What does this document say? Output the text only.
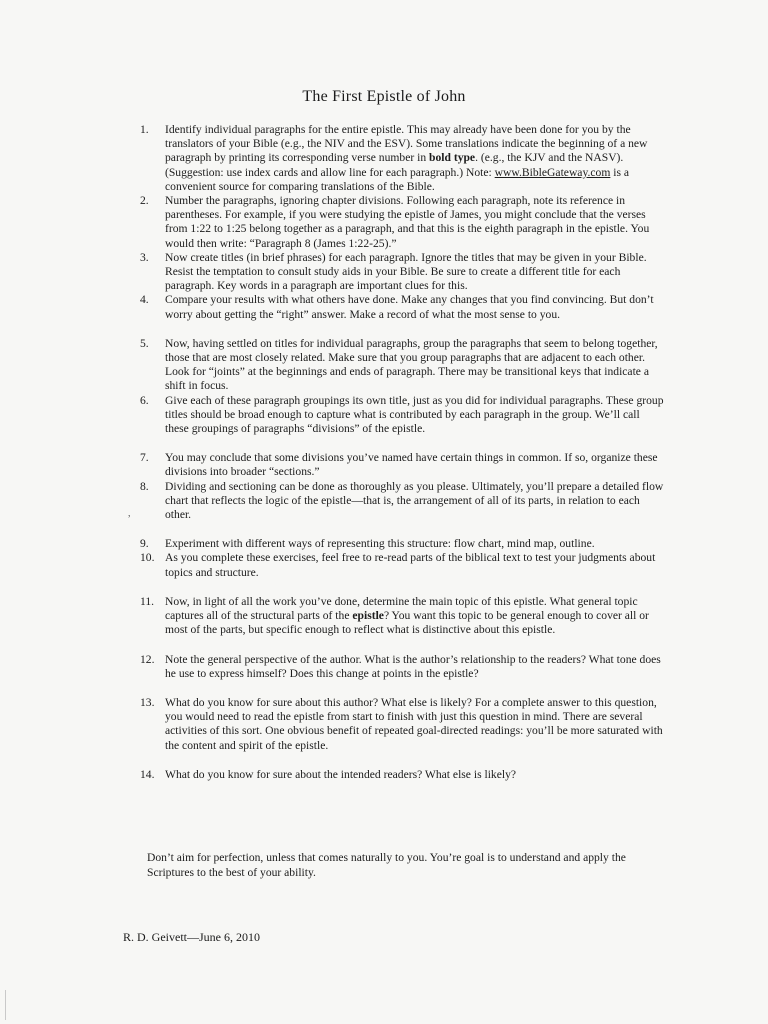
,
The First Epistle of John
1.	Identify individual paragraphs for the entire epistle. This may already have been done for you by the translators of your Bible (e.g., the NIV and the ESV). Some translations indicate the beginning of a new paragraph by printing its corresponding verse number in bold type. (e.g., the KJV and the NASV). (Suggestion: use index cards and allow line for each paragraph.) Note: www.BibleGateway.com is a convenient source for comparing translations of the Bible.
2.	Number the paragraphs, ignoring chapter divisions. Following each paragraph, note its reference in parentheses. For example, if you were studying the epistle of James, you might conclude that the verses from 1:22 to 1:25 belong together as a paragraph, and that this is the eighth paragraph in the epistle. You would then write: “Paragraph 8 (James 1:22-25).”
3.	Now create titles (in brief phrases) for each paragraph. Ignore the titles that may be given in your Bible. Resist the temptation to consult study aids in your Bible. Be sure to create a different title for each paragraph. Key words in a paragraph are important clues for this.
4.	Compare your results with what others have done. Make any changes that you find convincing. But don’t worry about getting the “right” answer. Make a record of what the most sense to you.
5.	Now, having settled on titles for individual paragraphs, group the paragraphs that seem to belong together, those that are most closely related. Make sure that you group paragraphs that are adjacent to each other. Look for “joints” at the beginnings and ends of paragraph. There may be transitional keys that indicate a shift in focus.
6.	Give each of these paragraph groupings its own title, just as you did for individual paragraphs. These group titles should be broad enough to capture what is contributed by each paragraph in the group. We’ll call these groupings of paragraphs “divisions” of the epistle.
7.	You may conclude that some divisions you’ve named have certain things in common. If so, organize these divisions into broader “sections.”
8.	Dividing and sectioning can be done as thoroughly as you please. Ultimately, you’ll prepare a detailed flow chart that reflects the logic of the epistle—that is, the arrangement of all of its parts, in relation to each other.
9.	Experiment with different ways of representing this structure: flow chart, mind map, outline.
10. As you complete these exercises, feel free to re-read parts of the biblical text to test your judgments about topics and structure.
11. Now, in light of all the work you’ve done, determine the main topic of this epistle. What general topic captures all of the structural parts of the epistle? You want this topic to be general enough to cover all or most of the parts, but specific enough to reflect what is distinctive about this epistle.
12. Note the general perspective of the author. What is the author’s relationship to the readers? What tone does he use to express himself? Does this change at points in the epistle?
13. What do you know for sure about this author? What else is likely? For a complete answer to this question, you would need to read the epistle from start to finish with just this question in mind. There are several activities of this sort. One obvious benefit of repeated goal-directed readings: you’ll be more saturated with the content and spirit of the epistle.
14. What do you know for sure about the intended readers? What else is likely?
Don’t aim for perfection, unless that comes naturally to you. You’re goal is to understand and apply the Scriptures to the best of your ability.
R. D. Geivett—June 6, 2010
